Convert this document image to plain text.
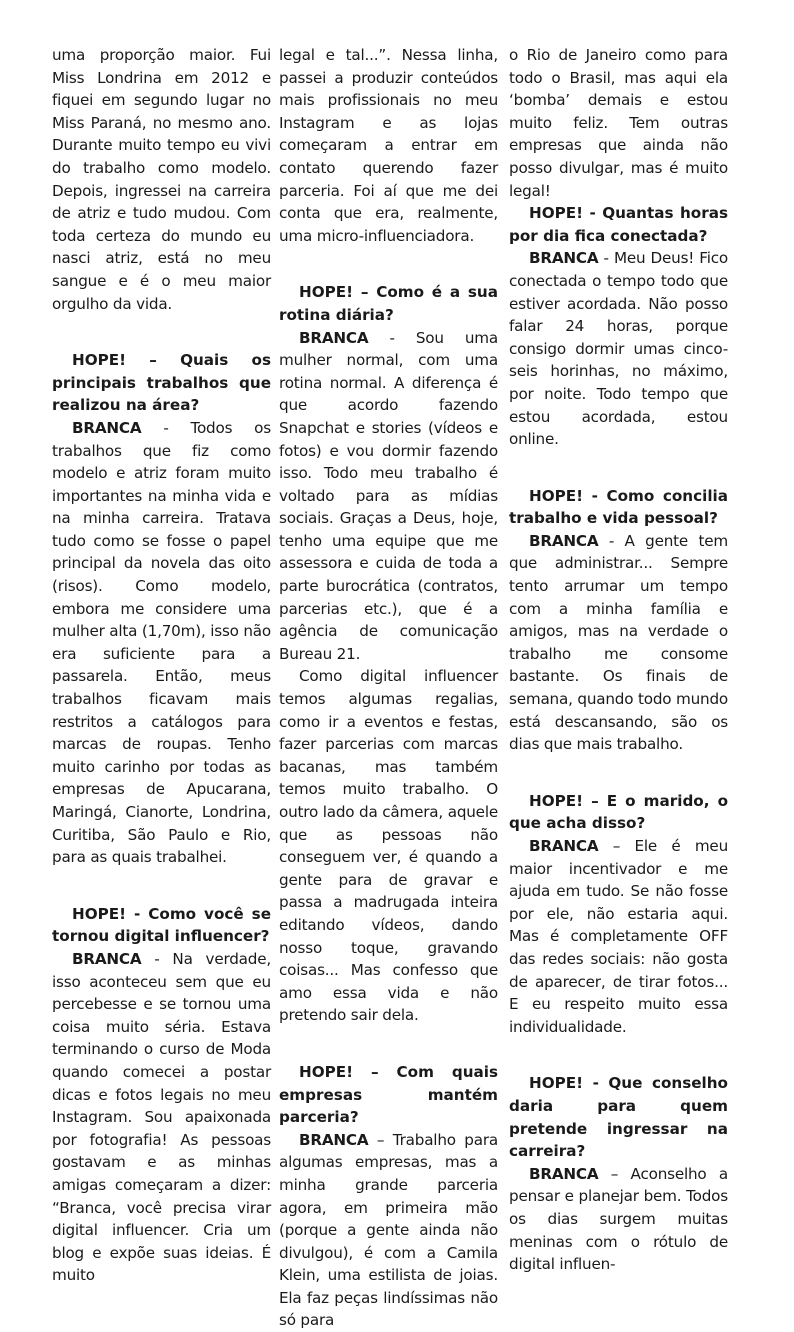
uma proporção maior. Fui Miss Londrina em 2012 e fiquei em segundo lugar no Miss Paraná, no mesmo ano. Durante muito tempo eu vivi do trabalho como modelo. Depois, ingressei na carreira de atriz e tudo mudou. Com toda certeza do mundo eu nasci atriz, está no meu sangue e é o meu maior orgulho da vida.

HOPE! – Quais os principais trabalhos que realizou na área?

BRANCA - Todos os trabalhos que fiz como modelo e atriz foram muito importantes na minha vida e na minha carreira. Tratava tudo como se fosse o papel principal da novela das oito (risos). Como modelo, embora me considere uma mulher alta (1,70m), isso não era suficiente para a passarela. Então, meus trabalhos ficavam mais restritos a catálogos para marcas de roupas. Tenho muito carinho por todas as empresas de Apucarana, Maringá, Cianorte, Londrina, Curitiba, São Paulo e Rio, para as quais trabalhei.

HOPE! - Como você se tornou digital influencer?

BRANCA - Na verdade, isso aconteceu sem que eu percebesse e se tornou uma coisa muito séria. Estava terminando o curso de Moda quando comecei a postar dicas e fotos legais no meu Instagram. Sou apaixonada por fotografia! As pessoas gostavam e as minhas amigas começaram a dizer: “Branca, você precisa virar digital influencer. Cria um blog e expõe suas ideias. É muito

legal e tal...”. Nessa linha, passei a produzir conteúdos mais profissionais no meu Instagram e as lojas começaram a entrar em contato querendo fazer parceria. Foi aí que me dei conta que era, realmente, uma micro-influenciadora.

HOPE! – Como é a sua rotina diária?

BRANCA - Sou uma mulher normal, com uma rotina normal. A diferença é que acordo fazendo Snapchat e stories (vídeos e fotos) e vou dormir fazendo isso. Todo meu trabalho é voltado para as mídias sociais. Graças a Deus, hoje, tenho uma equipe que me assessora e cuida de toda a parte burocrática (contratos, parcerias etc.), que é a agência de comunicação Bureau 21.

Como digital influencer temos algumas regalias, como ir a eventos e festas, fazer parcerias com marcas bacanas, mas também temos muito trabalho. O outro lado da câmera, aquele que as pessoas não conseguem ver, é quando a gente para de gravar e passa a madrugada inteira editando vídeos, dando nosso toque, gravando coisas... Mas confesso que amo essa vida e não pretendo sair dela.

HOPE! – Com quais empresas mantém parceria?

BRANCA – Trabalho para algumas empresas, mas a minha grande parceria agora, em primeira mão (porque a gente ainda não divulgou), é com a Camila Klein, uma estilista de joias. Ela faz peças lindíssimas não só para

o Rio de Janeiro como para todo o Brasil, mas aqui ela ‘bomba’ demais e estou muito feliz. Tem outras empresas que ainda não posso divulgar, mas é muito legal!

HOPE! - Quantas horas por dia fica conectada?

BRANCA - Meu Deus! Fico conectada o tempo todo que estiver acordada. Não posso falar 24 horas, porque consigo dormir umas cinco-seis horinhas, no máximo, por noite. Todo tempo que estou acordada, estou online.

HOPE! - Como concilia trabalho e vida pessoal?

BRANCA - A gente tem que administrar... Sempre tento arrumar um tempo com a minha família e amigos, mas na verdade o trabalho me consome bastante. Os finais de semana, quando todo mundo está descansando, são os dias que mais trabalho.

HOPE! – E o marido, o que acha disso?

BRANCA – Ele é meu maior incentivador e me ajuda em tudo. Se não fosse por ele, não estaria aqui. Mas é completamente OFF das redes sociais: não gosta de aparecer, de tirar fotos... E eu respeito muito essa individualidade.

HOPE! - Que conselho daria para quem pretende ingressar na carreira?

BRANCA – Aconselho a pensar e planejar bem. Todos os dias surgem muitas meninas com o rótulo de digital influen-
